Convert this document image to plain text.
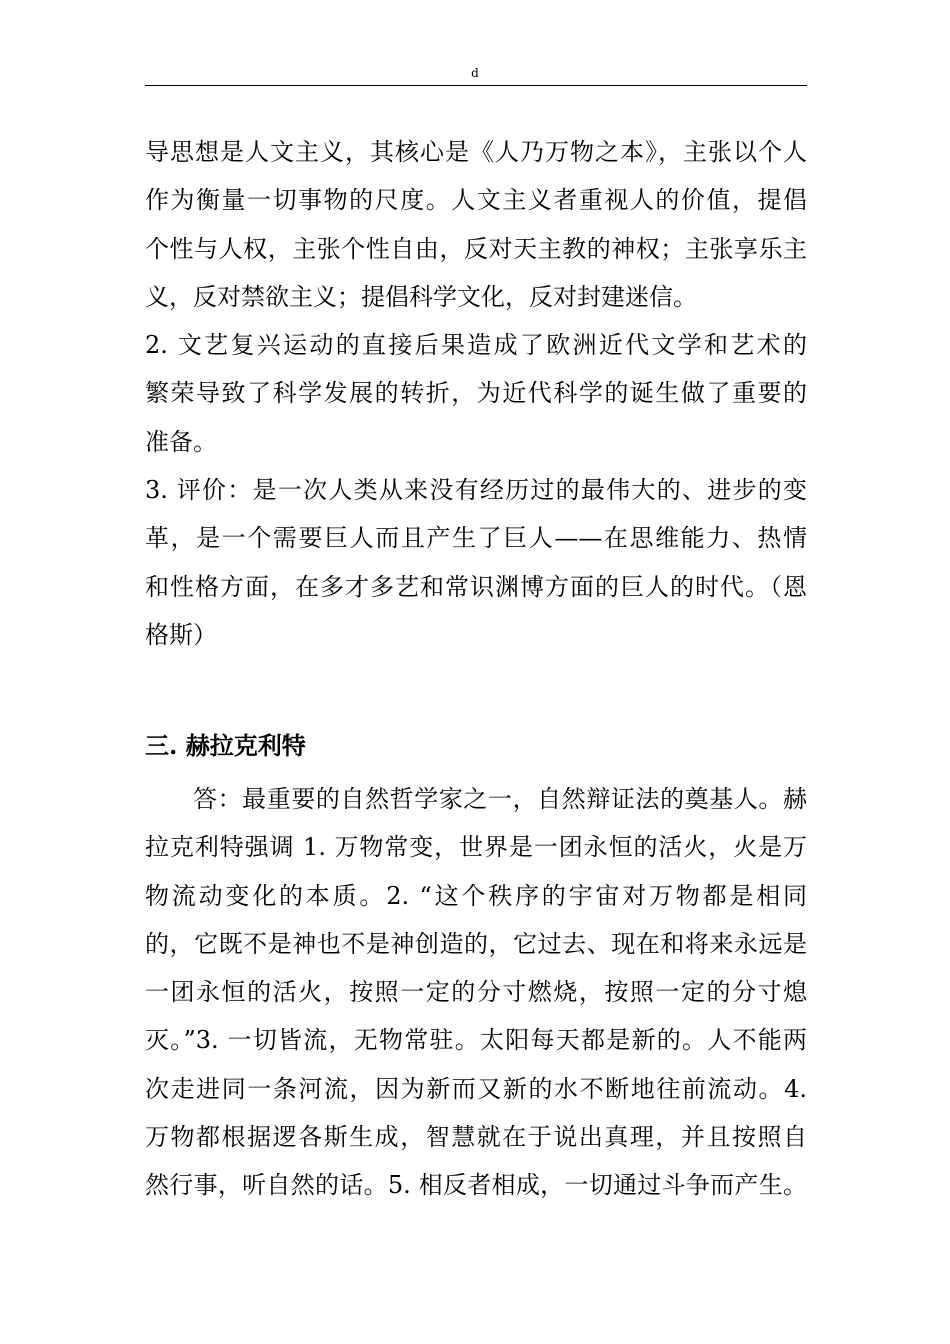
d
导思想是人文主义，其核心是《人乃万物之本》，主张以个人
作为衡量一切事物的尺度。人文主义者重视人的价值，提倡
个性与人权，主张个性自由，反对天主教的神权；主张享乐主
义，反对禁欲主义；提倡科学文化，反对封建迷信。
2. 文艺复兴运动的直接后果造成了欧洲近代文学和艺术的
繁荣导致了科学发展的转折，为近代科学的诞生做了重要的
准备。
3. 评价：是一次人类从来没有经历过的最伟大的、进步的变
革，是一个需要巨人而且产生了巨人——在思维能力、热情
和性格方面，在多才多艺和常识渊博方面的巨人的时代。（恩
格斯）
三. 赫拉克利特
答：最重要的自然哲学家之一，自然辩证法的奠基人。赫
拉克利特强调 1. 万物常变，世界是一团永恒的活火，火是万
物流动变化的本质。2. “这个秩序的宇宙对万物都是相同
的，它既不是神也不是神创造的，它过去、现在和将来永远是
一团永恒的活火，按照一定的分寸燃烧，按照一定的分寸熄
灭。”3. 一切皆流，无物常驻。太阳每天都是新的。人不能两
次走进同一条河流，因为新而又新的水不断地往前流动。4.
万物都根据逻各斯生成，智慧就在于说出真理，并且按照自
然行事，听自然的话。5. 相反者相成，一切通过斗争而产生。
